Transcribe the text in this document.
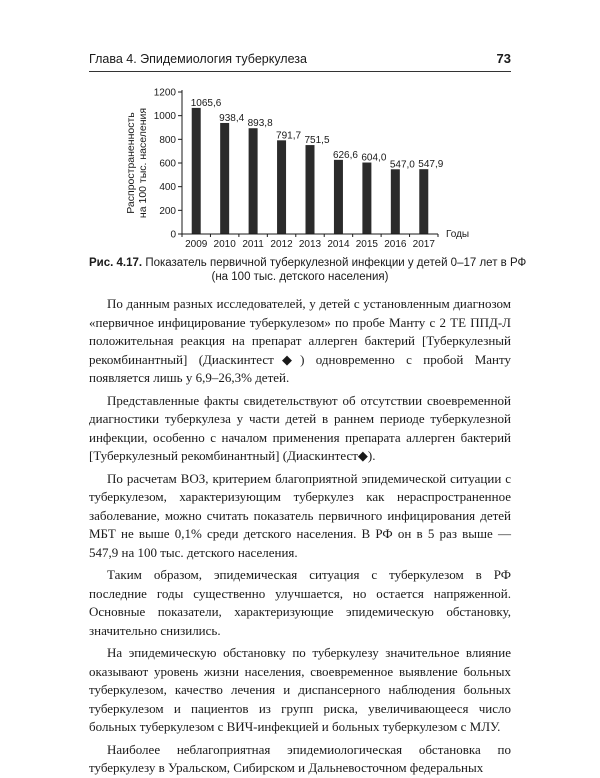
Глава 4. Эпидемиология туберкулеза	73
Распространенность на 100 тыс. населения
0
200
400
600
800
1000
1200
1065,6
938,4 893,8
791,7 751,5
626,6 604,0
547,0 547,9
2009 2010 2011 2012 2013 2014 2015 2016 2017
Годы
Рис. 4.17. Показатель первичной туберкулезной инфекции у детей 0–17 лет в РФ
(на 100 тыс. детского населения)

По данным разных исследователей, у детей с установленным диагнозом «первичное инфицирование туберкулезом» по пробе Манту с 2 ТЕ ППД-Л положительная реакция на препарат аллерген бактерий [Туберкулезный рекомбинантный] (Диаскинтест◆) одновременно с пробой Манту появляется лишь у 6,9–26,3% детей.

Представленные факты свидетельствуют об отсутствии своевременной диагностики туберкулеза у части детей в раннем периоде туберкулезной инфекции, особенно с началом применения препарата аллерген бактерий [Туберкулезный рекомбинантный] (Диаскинтест◆).

По расчетам ВОЗ, критерием благоприятной эпидемической ситуации с туберкулезом, характеризующим туберкулез как нераспространенное заболевание, можно считать показатель первичного инфицирования детей МБТ не выше 0,1% среди детского населения. В РФ он в 5 раз выше — 547,9 на 100 тыс. детского населения.

Таким образом, эпидемическая ситуация с туберкулезом в РФ последние годы существенно улучшается, но остается напряженной. Основные показатели, характеризующие эпидемическую обстановку, значительно снизились.

На эпидемическую обстановку по туберкулезу значительное влияние оказывают уровень жизни населения, своевременное выявление больных туберкулезом, качество лечения и диспансерного наблюдения больных туберкулезом и пациентов из групп риска, увеличивающееся число больных туберкулезом с ВИЧ-инфекцией и больных туберкулезом с МЛУ.

Наиболее неблагоприятная эпидемиологическая обстановка по туберкулезу в Уральском, Сибирском и Дальневосточном федеральных
